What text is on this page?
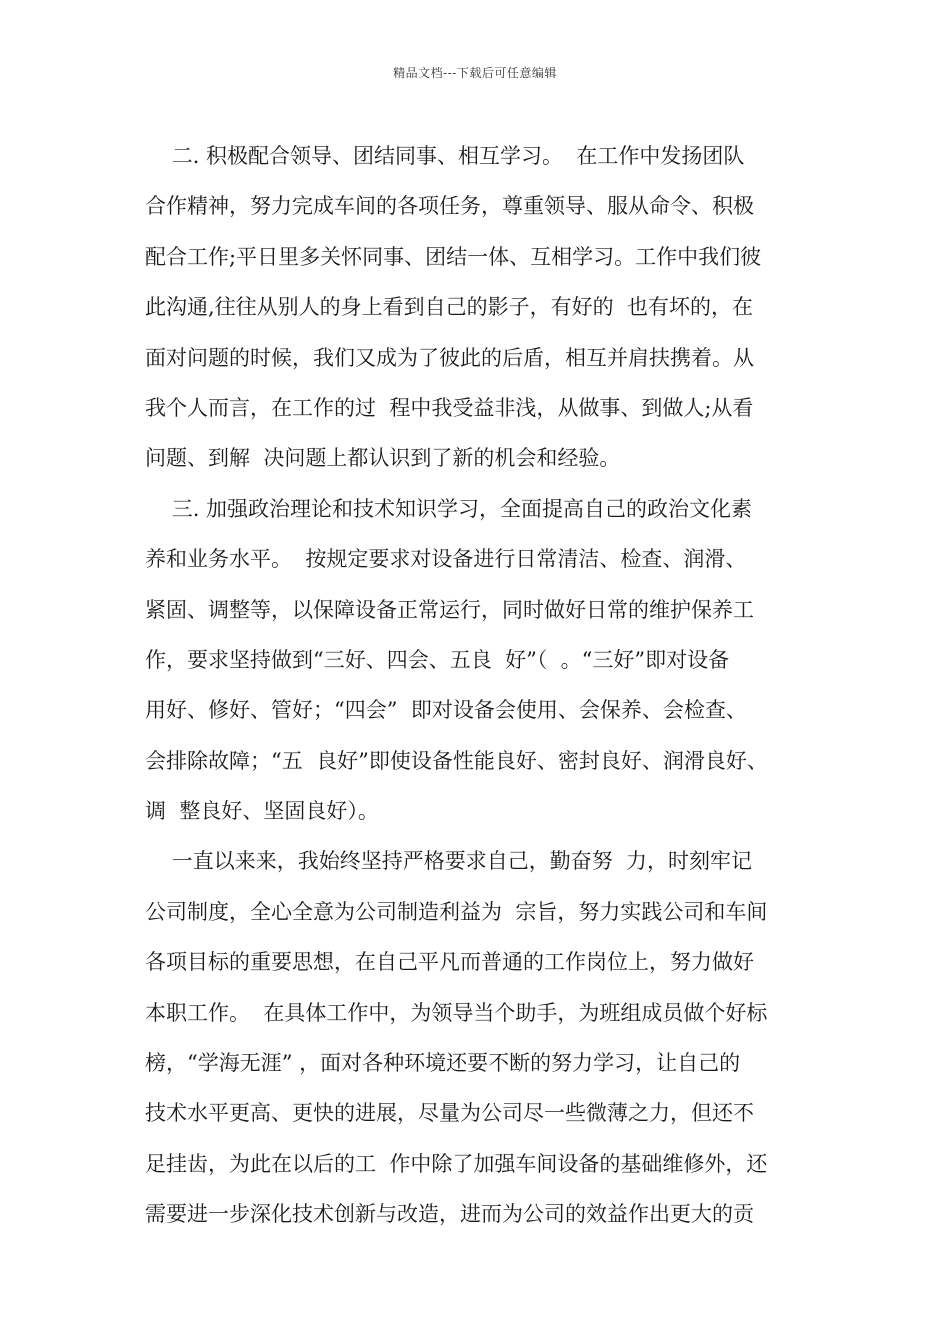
精品文档---下载后可任意编辑
二. 积极配合领导、团结同事、相互学习。  在工作中发扬团队
合作精神，努力完成车间的各项任务，尊重领导、服从命令、积极
配合工作;平日里多关怀同事、团结一体、互相学习。工作中我们彼
此沟通,往往从别人的身上看到自己的影子，有好的  也有坏的，在
面对问题的时候，我们又成为了彼此的后盾，相互并肩扶携着。从
我个人而言，在工作的过  程中我受益非浅，从做事、到做人;从看
问题、到解  决问题上都认识到了新的机会和经验。
三. 加强政治理论和技术知识学习，全面提高自己的政治文化素
养和业务水平。  按规定要求对设备进行日常清洁、检查、润滑、
紧固、调整等，以保障设备正常运行，同时做好日常的维护保养工
作，要求坚持做到“三好、四会、五良  好”（  。“三好”即对设备
用好、修好、管好；“四会”  即对设备会使用、会保养、会检查、
会排除故障；“五  良好”即使设备性能良好、密封良好、润滑良好、
调  整良好、坚固良好）。
一直以来来，我始终坚持严格要求自己，勤奋努  力，时刻牢记
公司制度，全心全意为公司制造利益为  宗旨，努力实践公司和车间
各项目标的重要思想，在自己平凡而普通的工作岗位上，努力做好
本职工作。  在具体工作中，为领导当个助手，为班组成员做个好标
榜，“学海无涯” ，面对各种环境还要不断的努力学习，让自己的
技术水平更高、更快的进展，尽量为公司尽一些微薄之力，但还不
足挂齿，为此在以后的工  作中除了加强车间设备的基础维修外，还
需要进一步深化技术创新与改造，进而为公司的效益作出更大的贡
